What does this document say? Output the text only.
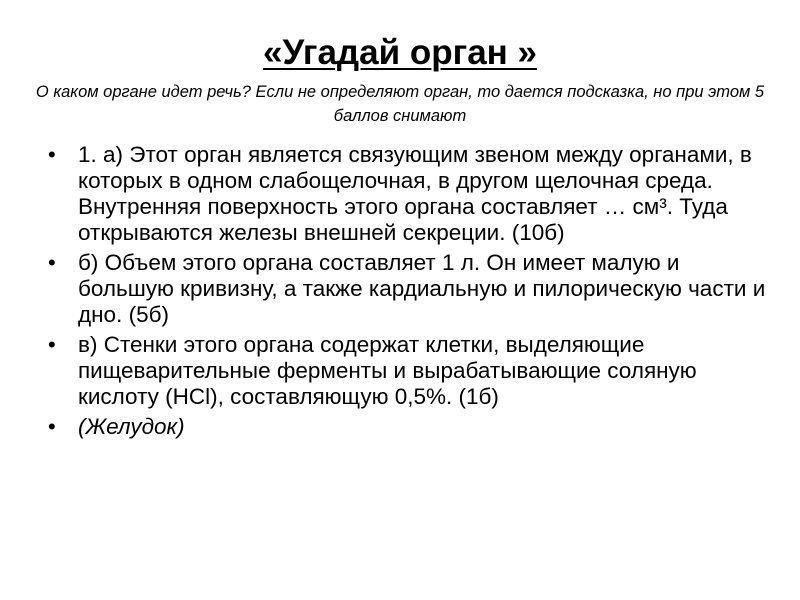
«Угадай орган »
О каком органе идет речь? Если не определяют орган, то дается подсказка, но при этом 5 баллов снимают
• 1. а) Этот орган является связующим звеном между органами, в которых в одном слабощелочная, в другом щелочная среда. Внутренняя поверхность этого органа составляет … см³. Туда открываются железы внешней секреции. (10б)
• б) Объем этого органа составляет 1 л. Он имеет малую и большую кривизну, а также кардиальную и пилорическую части и дно. (5б)
• в) Стенки этого органа содержат клетки, выделяющие пищеварительные ферменты и вырабатывающие соляную кислоту (HCl), составляющую 0,5%. (1б)
• (Желудок)
